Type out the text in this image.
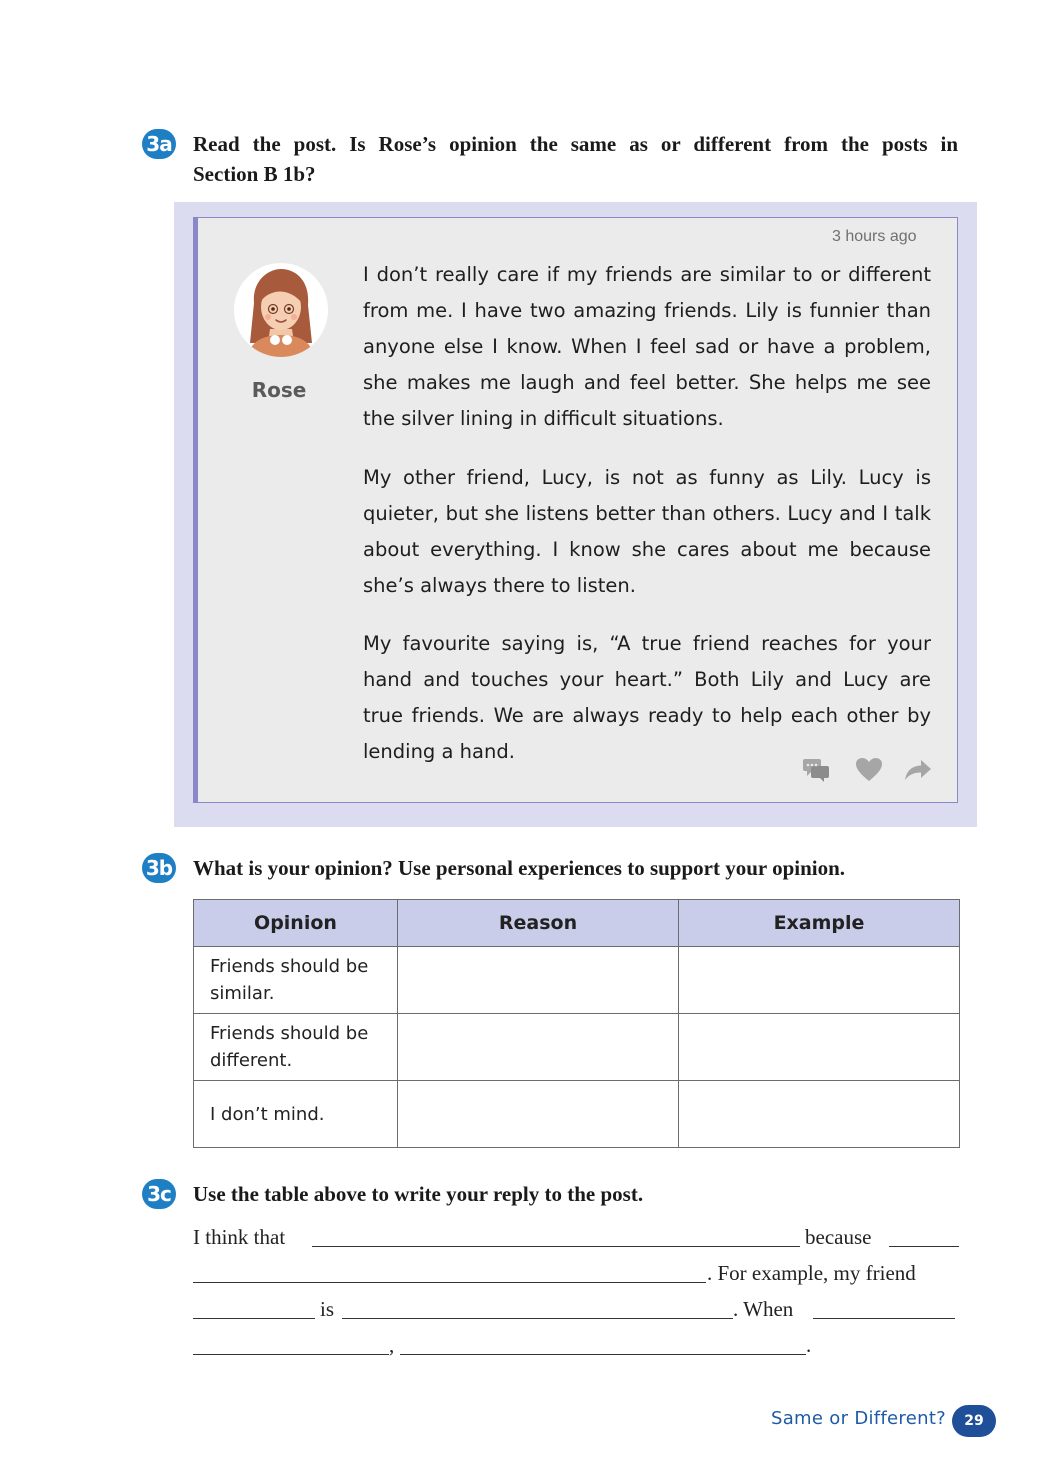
3a Read the post. Is Rose’s opinion the same as or different from the posts in
Section B 1b?
3 hours ago
Rose

I don’t really care if my friends are similar to or different from me. I have two amazing friends. Lily is funnier than anyone else I know. When I feel sad or have a problem, she makes me laugh and feel better. She helps me see the silver lining in difficult situations.

My other friend, Lucy, is not as funny as Lily. Lucy is quieter, but she listens better than others. Lucy and I talk about everything. I know she cares about me because she’s always there to listen.

My favourite saying is, “A true friend reaches for your hand and touches your heart.” Both Lily and Lucy are true friends. We are always ready to help each other by lending a hand.

3b What is your opinion? Use personal experiences to support your opinion.
Opinion	Reason	Example
Friends should be similar.		
Friends should be different.		
I don’t mind.		
3c Use the table above to write your reply to the post.
I think that	because
. For example, my friend
is	. When
,	.
Same or Different?	29
